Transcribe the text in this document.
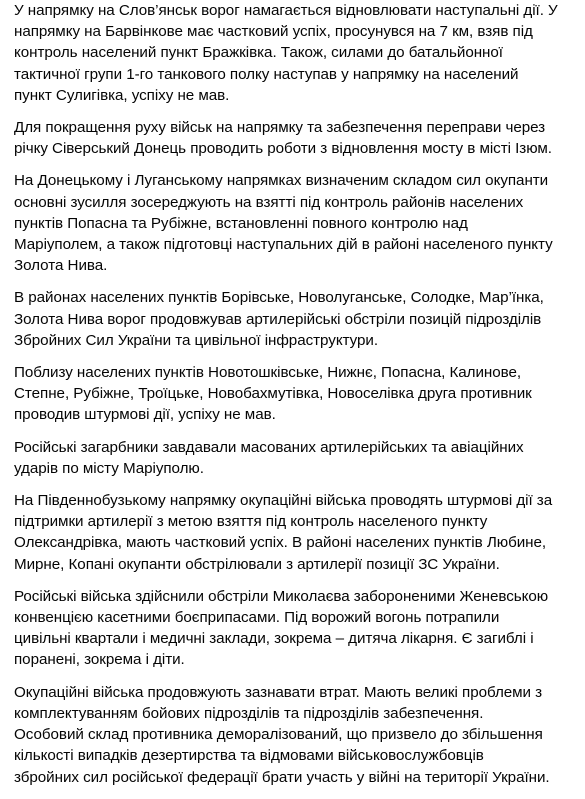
У напрямку на Слов’янськ ворог намагається відновлювати наступальні дії. У
напрямку на Барвінкове має частковий успіх, просунувся на 7 км, взяв під
контроль населений пункт Бражківка. Також, силами до батальйонної
тактичної групи 1-го танкового полку наступав у напрямку на населений
пункт Сулигівка, успіху не мав.
Для покращення руху військ на напрямку та забезпечення переправи через
річку Сіверський Донець проводить роботи з відновлення мосту в місті Ізюм.
На Донецькому і Луганському напрямках визначеним складом сил окупанти
основні зусилля зосереджують на взятті під контроль районів населених
пунктів Попасна та Рубіжне, встановленні повного контролю над
Маріуполем, а також підготовці наступальних дій в районі населеного пункту
Золота Нива.
В районах населених пунктів Борівське, Новолуганське, Солодке, Мар’їнка,
Золота Нива ворог продовжував артилерійські обстріли позицій підрозділів
Збройних Сил України та цивільної інфраструктури.
Поблизу населених пунктів Новотошківське, Нижнє, Попасна, Калинове,
Степне, Рубіжне, Троїцьке, Новобахмутівка, Новоселівка друга противник
проводив штурмові дії, успіху не мав.
Російські загарбники завдавали масованих артилерійських та авіаційних
ударів по місту Маріуполю.
На Південнобузькому напрямку окупаційні війська проводять штурмові дії за
підтримки артилерії з метою взяття під контроль населеного пункту
Олександрівка, мають частковий успіх. В районі населених пунктів Любине,
Мирне, Копані окупанти обстрілювали з артилерії позиції ЗС України.
Російські війська здійснили обстріли Миколаєва забороненими Женевською
конвенцією касетними боєприпасами. Під ворожий вогонь потрапили
цивільні квартали і медичні заклади, зокрема – дитяча лікарня. Є загиблі і
поранені, зокрема і діти.
Окупаційні війська продовжують зазнавати втрат. Мають великі проблеми з
комплектуванням бойових підрозділів та підрозділів забезпечення.
Особовий склад противника деморалізований, що призвело до збільшення
кількості випадків дезертирства та відмовами військовослужбовців
збройних сил російської федерації брати участь у війні на території України.
